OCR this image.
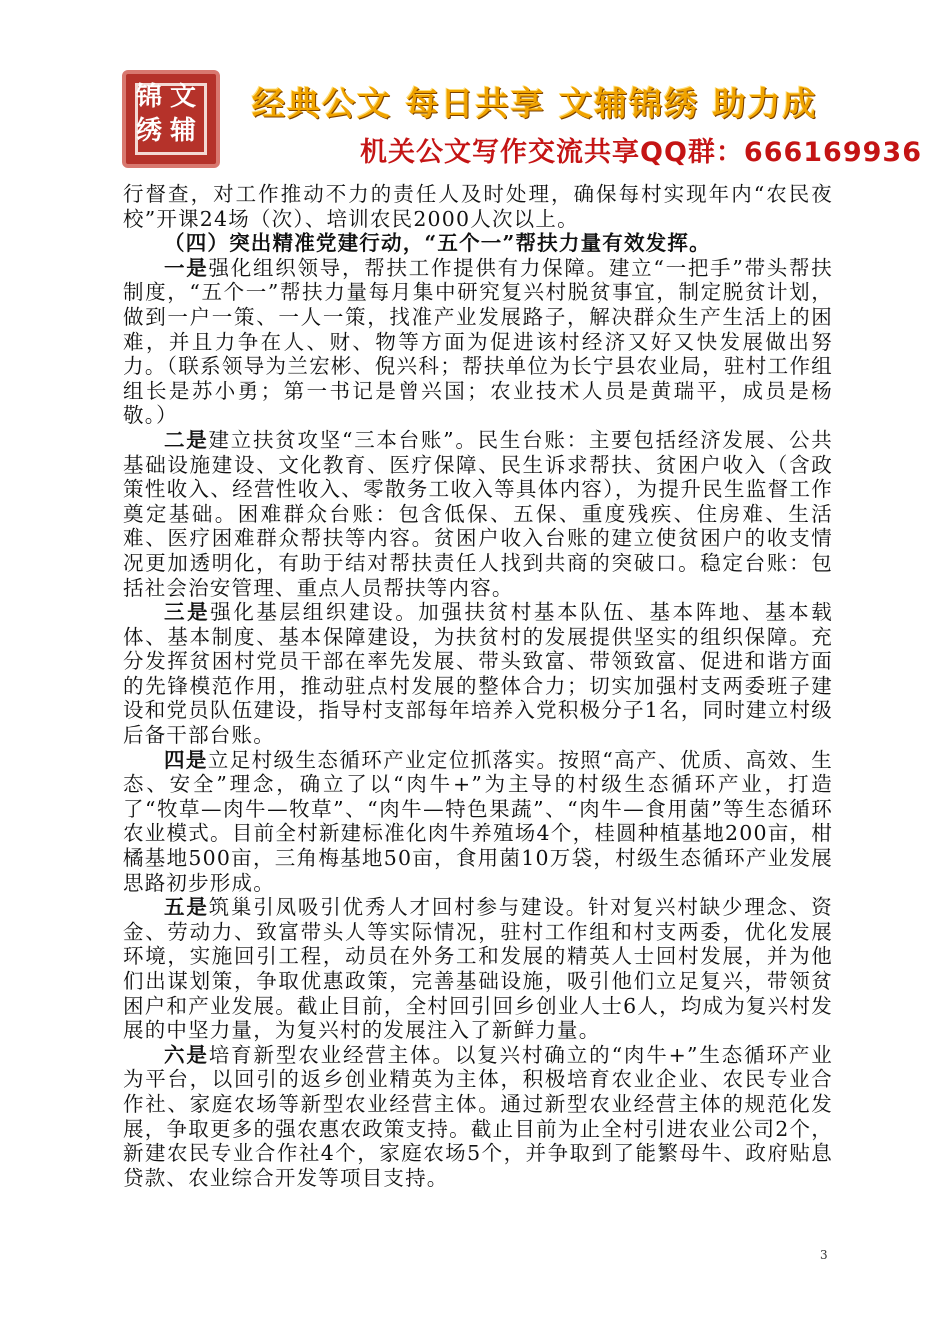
锦 文
绣 辅
经典公文 每日共享 文辅锦绣 助力成
机关公文写作交流共享QQ群：666169936

行督查，对工作推动不力的责任人及时处理，确保每村实现年内“农民夜校”开课24场（次）、培训农民2000人次以上。

（四）突出精准党建行动，“五个一”帮扶力量有效发挥。

一是强化组织领导，帮扶工作提供有力保障。建立“一把手”带头帮扶制度，“五个一”帮扶力量每月集中研究复兴村脱贫事宜，制定脱贫计划，做到一户一策、一人一策，找准产业发展路子，解决群众生产生活上的困难，并且力争在人、财、物等方面为促进该村经济又好又快发展做出努力。（联系领导为兰宏彬、倪兴科；帮扶单位为长宁县农业局，驻村工作组组长是苏小勇；第一书记是曾兴国；农业技术人员是黄瑞平，成员是杨敬。）

二是建立扶贫攻坚“三本台账”。民生台账：主要包括经济发展、公共基础设施建设、文化教育、医疗保障、民生诉求帮扶、贫困户收入（含政策性收入、经营性收入、零散务工收入等具体内容），为提升民生监督工作奠定基础。困难群众台账：包含低保、五保、重度残疾、住房难、生活难、医疗困难群众帮扶等内容。贫困户收入台账的建立使贫困户的收支情况更加透明化，有助于结对帮扶责任人找到共商的突破口。稳定台账：包括社会治安管理、重点人员帮扶等内容。

三是强化基层组织建设。加强扶贫村基本队伍、基本阵地、基本载体、基本制度、基本保障建设，为扶贫村的发展提供坚实的组织保障。充分发挥贫困村党员干部在率先发展、带头致富、带领致富、促进和谐方面的先锋模范作用，推动驻点村发展的整体合力；切实加强村支两委班子建设和党员队伍建设，指导村支部每年培养入党积极分子1名，同时建立村级后备干部台账。

四是立足村级生态循环产业定位抓落实。按照“高产、优质、高效、生态、安全”理念，确立了以“肉牛+”为主导的村级生态循环产业，打造了“牧草—肉牛—牧草”、“肉牛—特色果蔬”、“肉牛—食用菌”等生态循环农业模式。目前全村新建标准化肉牛养殖场4个，桂圆种植基地200亩，柑橘基地500亩，三角梅基地50亩，食用菌10万袋，村级生态循环产业发展思路初步形成。

五是筑巢引凤吸引优秀人才回村参与建设。针对复兴村缺少理念、资金、劳动力、致富带头人等实际情况，驻村工作组和村支两委，优化发展环境，实施回引工程，动员在外务工和发展的精英人士回村发展，并为他们出谋划策，争取优惠政策，完善基础设施，吸引他们立足复兴，带领贫困户和产业发展。截止目前，全村回引回乡创业人士6人，均成为复兴村发展的中坚力量，为复兴村的发展注入了新鲜力量。

六是培育新型农业经营主体。以复兴村确立的“肉牛+”生态循环产业为平台，以回引的返乡创业精英为主体，积极培育农业企业、农民专业合作社、家庭农场等新型农业经营主体。通过新型农业经营主体的规范化发展，争取更多的强农惠农政策支持。截止目前为止全村引进农业公司2个，新建农民专业合作社4个，家庭农场5个，并争取到了能繁母牛、政府贴息贷款、农业综合开发等项目支持。

3
